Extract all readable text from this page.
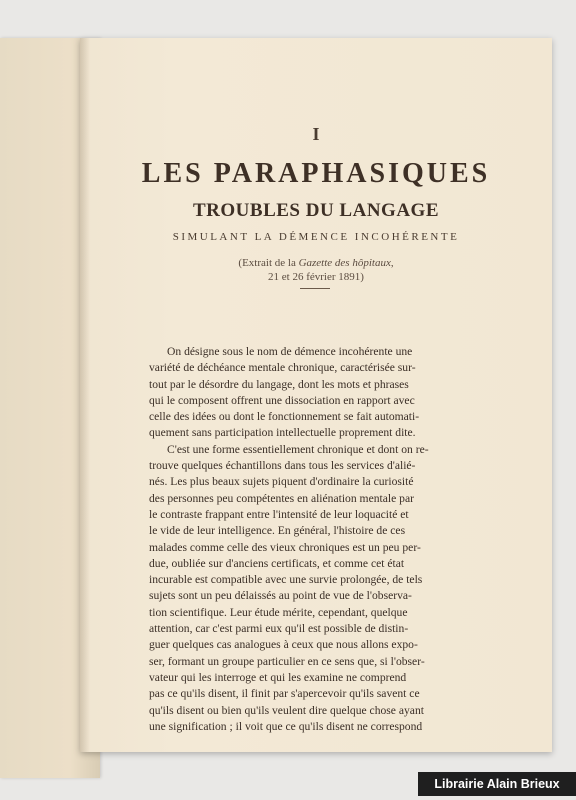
I
LES PARAPHASIQUES
TROUBLES DU LANGAGE
SIMULANT LA DÉMENCE INCOHÉRENTE
(Extrait de la Gazette des hôpitaux,
21 et 26 février 1891)
On désigne sous le nom de démence incohérente une
variété de déchéance mentale chronique, caractérisée sur-
tout par le désordre du langage, dont les mots et phrases
qui le composent offrent une dissociation en rapport avec
celle des idées ou dont le fonctionnement se fait automati-
quement sans participation intellectuelle proprement dite.
C'est une forme essentiellement chronique et dont on re-
trouve quelques échantillons dans tous les services d'alié-
nés. Les plus beaux sujets piquent d'ordinaire la curiosité
des personnes peu compétentes en aliénation mentale par
le contraste frappant entre l'intensité de leur loquacité et
le vide de leur intelligence. En général, l'histoire de ces
malades comme celle des vieux chroniques est un peu per-
due, oubliée sur d'anciens certificats, et comme cet état
incurable est compatible avec une survie prolongée, de tels
sujets sont un peu délaissés au point de vue de l'observa-
tion scientifique. Leur étude mérite, cependant, quelque
attention, car c'est parmi eux qu'il est possible de distin-
guer quelques cas analogues à ceux que nous allons expo-
ser, formant un groupe particulier en ce sens que, si l'obser-
vateur qui les interroge et qui les examine ne comprend
pas ce qu'ils disent, il finit par s'apercevoir qu'ils savent ce
qu'ils disent ou bien qu'ils veulent dire quelque chose ayant
une signification ; il voit que ce qu'ils disent ne correspond
Librairie Alain Brieux
